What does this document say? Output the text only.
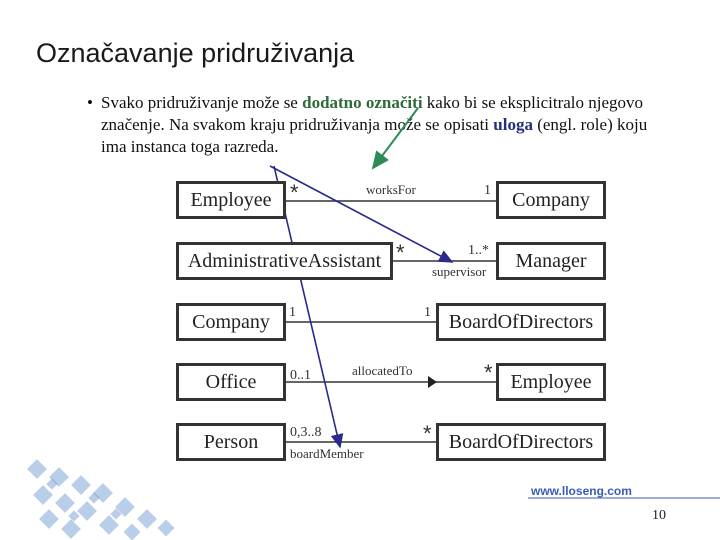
Označavanje pridruživanja
• Svako pridruživanje može se dodatno označiti kako bi se eksplicitralo njegovo značenje. Na svakom kraju pridruživanja može se opisati uloga (engl. role) koju ima instanca toga razreda.
Employee	Company
*	worksFor	1
AdministrativeAssistant	Manager
*	1..*
supervisor
Company	BoardOfDirectors
1	1
Office	Employee
0..1	allocatedTo	*
Person	BoardOfDirectors
0,3..8
boardMember
*
www.lloseng.com
10
